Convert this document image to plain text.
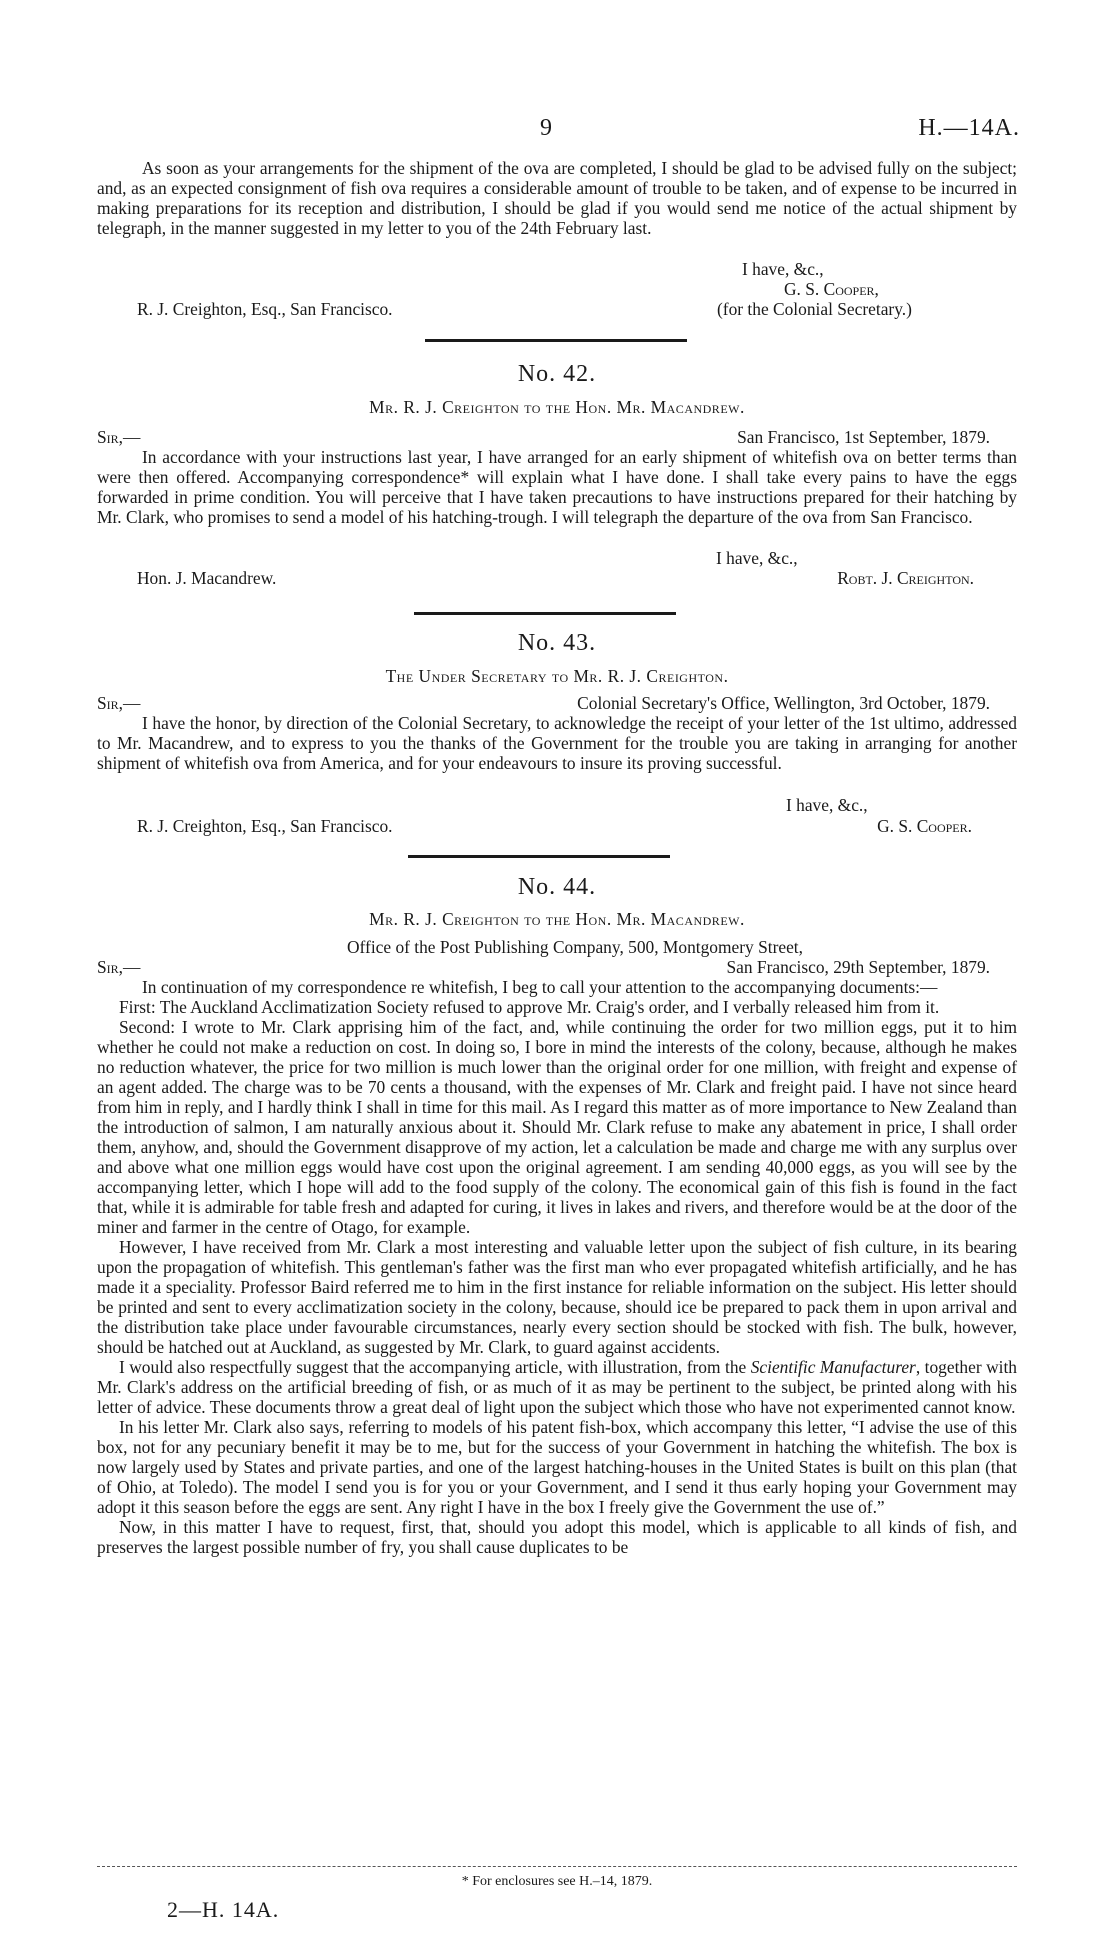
9	H.—14A.
As soon as your arrangements for the shipment of the ova are completed, I should be glad to be advised fully on the subject; and, as an expected consignment of fish ova requires a considerable amount of trouble to be taken, and of expense to be incurred in making preparations for its reception and distribution, I should be glad if you would send me notice of the actual shipment by telegraph, in the manner suggested in my letter to you of the 24th February last.
I have, &c.,
G. S. Cooper,
(for the Colonial Secretary.)
R. J. Creighton, Esq., San Francisco.
No. 42.
Mr. R. J. Creighton to the Hon. Mr. Macandrew.
Sir,—	San Francisco, 1st September, 1879.
In accordance with your instructions last year, I have arranged for an early shipment of whitefish ova on better terms than were then offered. Accompanying correspondence* will explain what I have done. I shall take every pains to have the eggs forwarded in prime condition. You will perceive that I have taken precautions to have instructions prepared for their hatching by Mr. Clark, who promises to send a model of his hatching-trough. I will telegraph the departure of the ova from San Francisco.
I have, &c.,
Hon. J. Macandrew.	Robt. J. Creighton.
No. 43.
The Under Secretary to Mr. R. J. Creighton.
Sir,—	Colonial Secretary's Office, Wellington, 3rd October, 1879.
I have the honor, by direction of the Colonial Secretary, to acknowledge the receipt of your letter of the 1st ultimo, addressed to Mr. Macandrew, and to express to you the thanks of the Government for the trouble you are taking in arranging for another shipment of whitefish ova from America, and for your endeavours to insure its proving successful.
I have, &c.,
R. J. Creighton, Esq., San Francisco.	G. S. Cooper.
No. 44.
Mr. R. J. Creighton to the Hon. Mr. Macandrew.
Office of the Post Publishing Company, 500, Montgomery Street,
Sir,—	San Francisco, 29th September, 1879.

In continuation of my correspondence re whitefish, I beg to call your attention to the accompanying documents:—

First: The Auckland Acclimatization Society refused to approve Mr. Craig's order, and I verbally released him from it.

Second: I wrote to Mr. Clark apprising him of the fact, and, while continuing the order for two million eggs, put it to him whether he could not make a reduction on cost. In doing so, I bore in mind the interests of the colony, because, although he makes no reduction whatever, the price for two million is much lower than the original order for one million, with freight and expense of an agent added. The charge was to be 70 cents a thousand, with the expenses of Mr. Clark and freight paid. I have not since heard from him in reply, and I hardly think I shall in time for this mail. As I regard this matter as of more importance to New Zealand than the introduction of salmon, I am naturally anxious about it. Should Mr. Clark refuse to make any abatement in price, I shall order them, anyhow, and, should the Government disapprove of my action, let a calculation be made and charge me with any surplus over and above what one million eggs would have cost upon the original agreement. I am sending 40,000 eggs, as you will see by the accompanying letter, which I hope will add to the food supply of the colony. The economical gain of this fish is found in the fact that, while it is admirable for table fresh and adapted for curing, it lives in lakes and rivers, and therefore would be at the door of the miner and farmer in the centre of Otago, for example.

However, I have received from Mr. Clark a most interesting and valuable letter upon the subject of fish culture, in its bearing upon the propagation of whitefish. This gentleman's father was the first man who ever propagated whitefish artificially, and he has made it a speciality. Professor Baird referred me to him in the first instance for reliable information on the subject. His letter should be printed and sent to every acclimatization society in the colony, because, should ice be prepared to pack them in upon arrival and the distribution take place under favourable circumstances, nearly every section should be stocked with fish. The bulk, however, should be hatched out at Auckland, as suggested by Mr. Clark, to guard against accidents.

I would also respectfully suggest that the accompanying article, with illustration, from the Scientific Manufacturer, together with Mr. Clark's address on the artificial breeding of fish, or as much of it as may be pertinent to the subject, be printed along with his letter of advice. These documents throw a great deal of light upon the subject which those who have not experimented cannot know.

In his letter Mr. Clark also says, referring to models of his patent fish-box, which accompany this letter, “I advise the use of this box, not for any pecuniary benefit it may be to me, but for the success of your Government in hatching the whitefish. The box is now largely used by States and private parties, and one of the largest hatching-houses in the United States is built on this plan (that of Ohio, at Toledo). The model I send you is for you or your Government, and I send it thus early hoping your Government may adopt it this season before the eggs are sent. Any right I have in the box I freely give the Government the use of.”

Now, in this matter I have to request, first, that, should you adopt this model, which is applicable to all kinds of fish, and preserves the largest possible number of fry, you shall cause duplicates to be

* For enclosures see H.–14, 1879.
2—H. 14A.
